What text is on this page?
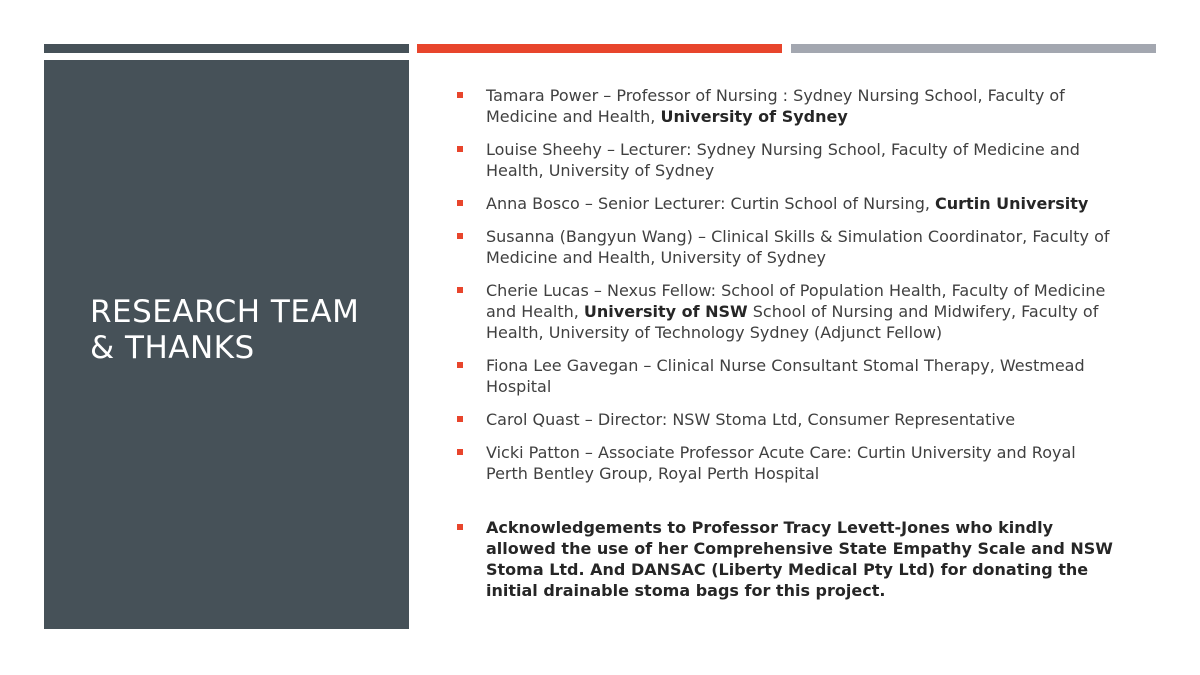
RESEARCH TEAM
& THANKS
Tamara Power – Professor of Nursing : Sydney Nursing School, Faculty of Medicine and Health, University of Sydney
Louise Sheehy – Lecturer: Sydney Nursing School, Faculty of Medicine and Health, University of Sydney
Anna Bosco – Senior Lecturer: Curtin School of Nursing, Curtin University
Susanna (Bangyun Wang) – Clinical Skills & Simulation Coordinator, Faculty of Medicine and Health, University of Sydney
Cherie Lucas – Nexus Fellow: School of Population Health, Faculty of Medicine and Health, University of NSW School of Nursing and Midwifery, Faculty of Health, University of Technology Sydney (Adjunct Fellow)
Fiona Lee Gavegan – Clinical Nurse Consultant Stomal Therapy, Westmead Hospital
Carol Quast – Director: NSW Stoma Ltd, Consumer Representative
Vicki Patton – Associate Professor Acute Care: Curtin University and Royal Perth Bentley Group, Royal Perth Hospital
Acknowledgements to Professor Tracy Levett-Jones who kindly allowed the use of her Comprehensive State Empathy Scale and NSW Stoma Ltd. And DANSAC (Liberty Medical Pty Ltd) for donating the initial drainable stoma bags for this project.
